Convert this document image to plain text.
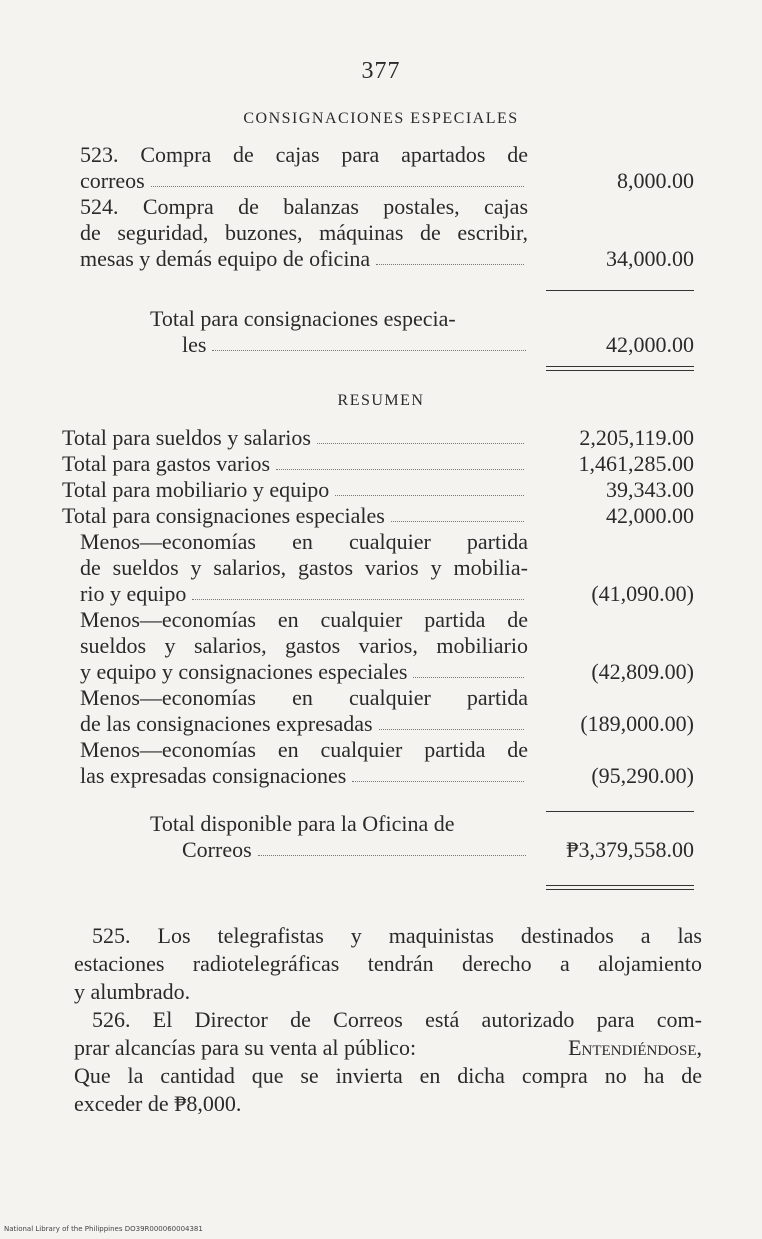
377
CONSIGNACIONES ESPECIALES
523. Compra de cajas para apartados de
correos	8,000.00
524. Compra de balanzas postales, cajas
de seguridad, buzones, máquinas de escribir,
mesas y demás equipo de oficina	34,000.00
Total para consignaciones especia-
les	42,000.00
RESUMEN
Total para sueldos y salarios	2,205,119.00
Total para gastos varios	1,461,285.00
Total para mobiliario y equipo	39,343.00
Total para consignaciones especiales	42,000.00
Menos—economías en cualquier partida
de sueldos y salarios, gastos varios y mobilia-
rio y equipo	(41,090.00)
Menos—economías en cualquier partida de
sueldos y salarios, gastos varios, mobiliario
y equipo y consignaciones especiales	(42,809.00)
Menos—economías en cualquier partida
de las consignaciones expresadas	(189,000.00)
Menos—economías en cualquier partida de
las expresadas consignaciones	(95,290.00)
Total disponible para la Oficina de
Correos	₱3,379,558.00
525. Los telegrafistas y maquinistas destinados a las
estaciones radiotelegráficas tendrán derecho a alojamiento
y alumbrado.
526. El Director de Correos está autorizado para com-
prar alcancías para su venta al público:	Entendiéndose,
Que la cantidad que se invierta en dicha compra no ha de
exceder de ₱8,000.
National Library of the Philippines DO39R000060004381
